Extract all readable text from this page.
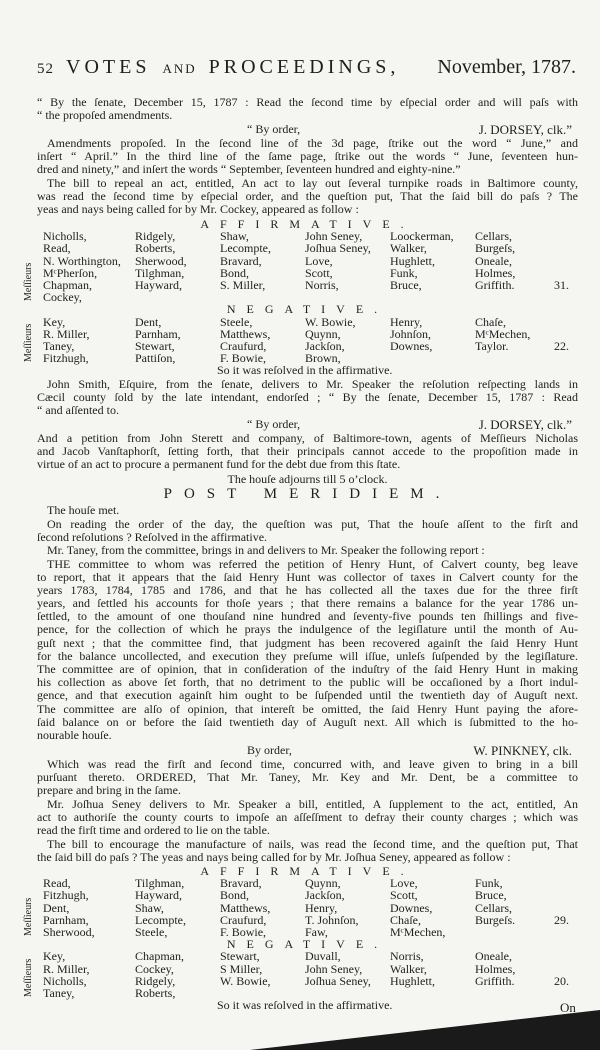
52 VOTES AND PROCEEDINGS, November, 1787.
“ By the ſenate, December 15, 1787 : Read the ſecond time by eſpecial order and will paſs with
“ the propoſed amendments.
“ By order,	J. DORSEY, clk.”
Amendments propoſed. In the ſecond line of the 3d page, ſtrike out the word “ June,” and
inſert “ April.” In the third line of the ſame page, ſtrike out the words “ June, ſeventeen hun-
dred and ninety,” and inſert the words “ September, ſeventeen hundred and eighty-nine.”
The bill to repeal an act, entitled, An act to lay out ſeveral turnpike roads in Baltimore county,
was read the ſecond time by eſpecial order, and the queſtion put, That the ſaid bill do paſs ? The
yeas and nays being called for by Mr. Cockey, appeared as follow :
AFFIRMATIVE.
Meſſieurs
Nicholls,	Ridgely,	Shaw,	John Seney, Loockerman, Cellars,
Read,	Roberts,	Lecompte,	Joſhua Seney, Walker,	Burgeſs,
N. Worthington, Sherwood,	Bravard,	Love,	Hughlett,	Oneale,
MᶜPherſon,	Tilghman,	Bond,	Scott,	Funk,	Holmes,
Chapman,	Hayward,	S. Miller,	Norris,	Bruce,	Griffith.	31.
Cockey,
NEGATIVE.
Meſſieurs
Key,	Dent,	Steele,	W. Bowie,	Henry,	Chaſe,
R. Miller,	Parnham,	Matthews,	Quynn,	Johnſon,	MᶜMechen,
Taney,	Stewart,	Craufurd,	Jackſon,	Downes,	Taylor.	22.
Fitzhugh,	Pattiſon,	F. Bowie,	Brown,
So it was reſolved in the affirmative.
John Smith, Eſquire, from the ſenate, delivers to Mr. Speaker the reſolution reſpecting lands in
Cæcil county ſold by the late intendant, endorſed ; “ By the ſenate, December 15, 1787 : Read
“ and aſſented to.
“ By order,	J. DORSEY, clk.”
And a petition from John Sterett and company, of Baltimore-town, agents of Meſſieurs Nicholas
and Jacob Vanſtaphorſt, ſetting forth, that their principals cannot accede to the propoſition made in
virtue of an act to procure a permanent fund for the debt due from this ſtate.
The houſe adjourns till 5 o’clock.
POST MERIDIEM.
The houſe met.
On reading the order of the day, the queſtion was put, That the houſe aſſent to the firſt and
ſecond reſolutions ? Reſolved in the affirmative.
Mr. Taney, from the committee, brings in and delivers to Mr. Speaker the following report :
THE committee to whom was referred the petition of Henry Hunt, of Calvert county, beg leave
to report, that it appears that the ſaid Henry Hunt was collector of taxes in Calvert county for the
years 1783, 1784, 1785 and 1786, and that he has collected all the taxes due for the three firſt
years, and ſettled his accounts for thoſe years ; that there remains a balance for the year 1786 un-
ſettled, to the amount of one thouſand nine hundred and ſeventy-five pounds ten ſhillings and five-
pence, for the collection of which he prays the indulgence of the legiſlature until the month of Au-
guſt next ; that the committee find, that judgment has been recovered againſt the ſaid Henry Hunt
for the balance uncollected, and execution they preſume will iſſue, unleſs ſuſpended by the legiſlature.
The committee are of opinion, that in conſideration of the induſtry of the ſaid Henry Hunt in making
his collection as above ſet forth, that no detriment to the public will be occaſioned by a ſhort indul-
gence, and that execution againſt him ought to be ſuſpended until the twentieth day of Auguſt next.
The committee are alſo of opinion, that intereſt be omitted, the ſaid Henry Hunt paying the afore-
ſaid balance on or before the ſaid twentieth day of Auguſt next. All which is ſubmitted to the ho-
nourable houſe.
By order,	W. PINKNEY, clk.
Which was read the firſt and ſecond time, concurred with, and leave given to bring in a bill
purſuant thereto. ORDERED, That Mr. Taney, Mr. Key and Mr. Dent, be a committee to
prepare and bring in the ſame.
Mr. Joſhua Seney delivers to Mr. Speaker a bill, entitled, A ſupplement to the act, entitled, An
act to authoriſe the county courts to impoſe an aſſeſſment to defray their county charges ; which was
read the firſt time and ordered to lie on the table.
The bill to encourage the manufacture of nails, was read the ſecond time, and the queſtion put, That
the ſaid bill do paſs ? The yeas and nays being called for by Mr. Joſhua Seney, appeared as follow :
AFFIRMATIVE.
Meſſieurs
Read,	Tilghman,	Bravard,	Quynn,	Love,	Funk,
Fitzhugh,	Hayward,	Bond,	Jackſon,	Scott,	Bruce,
Dent,	Shaw,	Matthews,	Henry,	Downes,	Cellars,
Parnham,	Lecompte,	Craufurd,	T. Johnſon,	Chaſe,	Burgeſs.	29.
Sherwood,	Steele,	F. Bowie,	Faw,	MᶜMechen,
NEGATIVE.
Meſſieurs
Key,	Chapman,	Stewart,	Duvall,	Norris,	Oneale,
R. Miller,	Cockey,	S Miller,	John Seney, Walker,	Holmes,
Nicholls,	Ridgely,	W. Bowie,	Joſhua Seney, Hughlett,	Griffith.	20.
Taney,	Roberts,
So it was reſolved in the affirmative.	On
